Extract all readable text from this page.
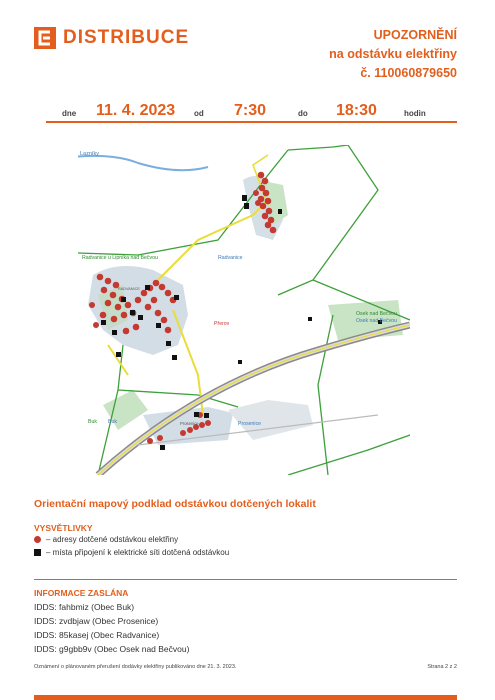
DISTRIBUCE	UPOZORNĚNÍ
na odstávku elektřiny
č. 110060879650
dne 11. 4. 2023 od 7:30	do 18:30	hodin
Lazníky
Radvanice u Lipníka nad Bečvou	Radvanice
RADVANICE
Přerov
Osek nad Bečvou
Osek nad Bečvou
Buk Buk	Prosenice	Prosenice
Orientační mapový podklad odstávkou dotčených lokalit
VYSVĚTLIVKY
– adresy dotčené odstávkou elektřiny
– místa připojení k elektrické síti dotčená odstávkou
INFORMACE ZASLÁNA
IDDS: fahbmiz (Obec Buk)
IDDS: zvdbjaw (Obec Prosenice)
IDDS: 85kasej (Obec Radvanice)
IDDS: g9gbb9v (Obec Osek nad Bečvou)
Oznámení o plánovaném přerušení dodávky elektřiny publikováno dne 21. 3. 2023.	Strana 2 z 2
